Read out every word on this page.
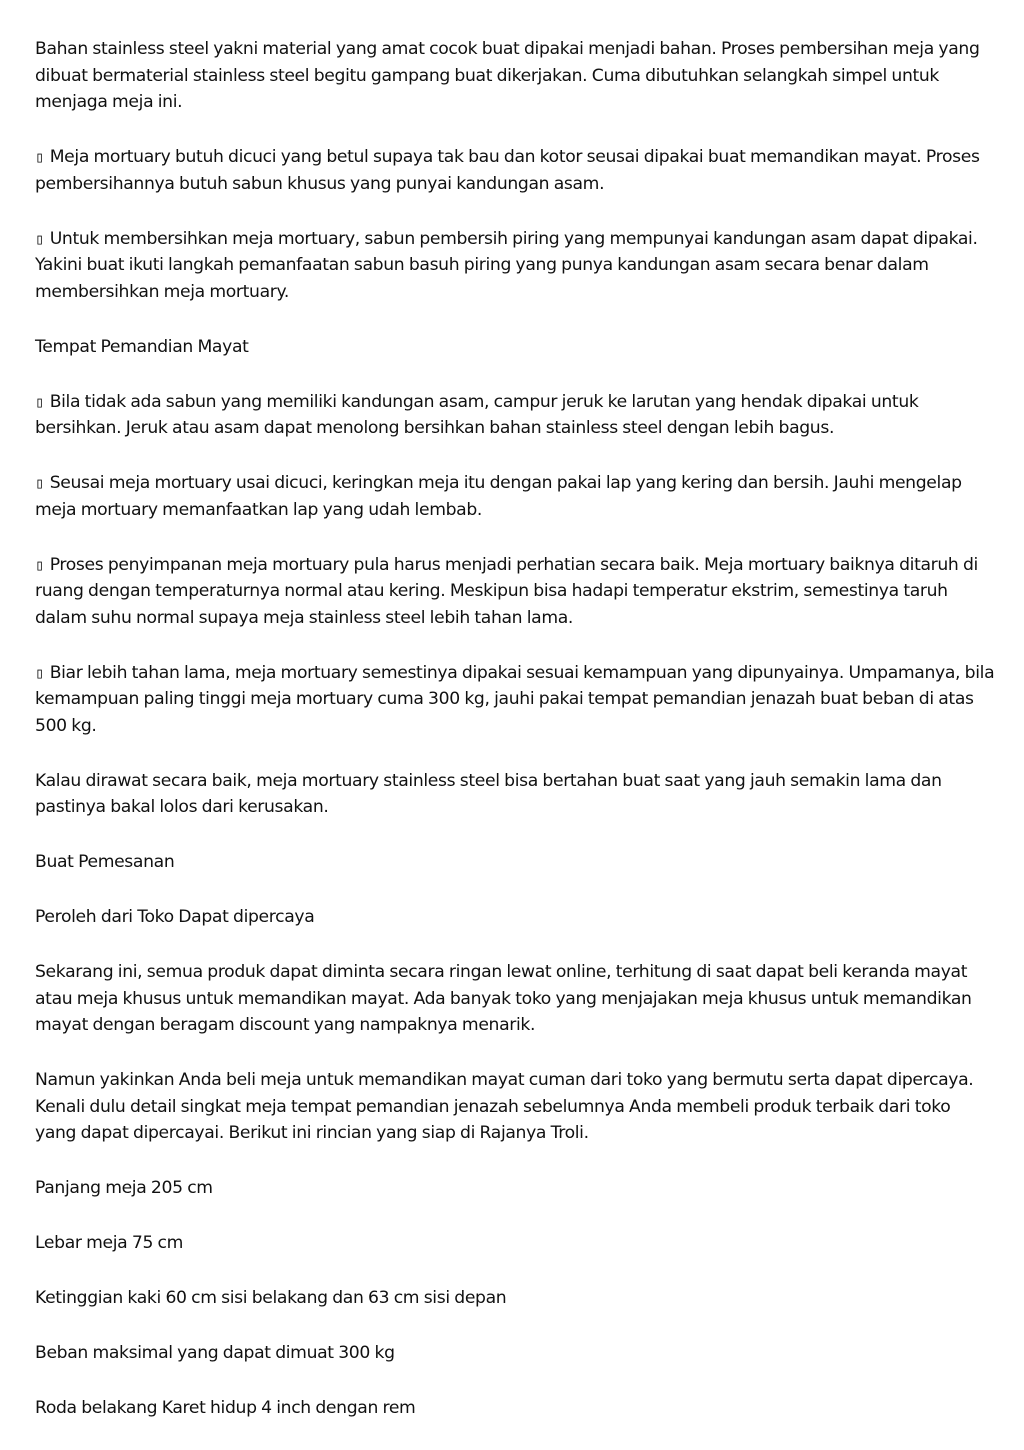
Bahan stainless steel yakni material yang amat cocok buat dipakai menjadi bahan. Proses pembersihan meja yang dibuat bermaterial stainless steel begitu gampang buat dikerjakan. Cuma dibutuhkan selangkah simpel untuk menjaga meja ini.

▯ Meja mortuary butuh dicuci yang betul supaya tak bau dan kotor seusai dipakai buat memandikan mayat. Proses pembersihannya butuh sabun khusus yang punyai kandungan asam.

▯ Untuk membersihkan meja mortuary, sabun pembersih piring yang mempunyai kandungan asam dapat dipakai. Yakini buat ikuti langkah pemanfaatan sabun basuh piring yang punya kandungan asam secara benar dalam membersihkan meja mortuary.

Tempat Pemandian Mayat

▯ Bila tidak ada sabun yang memiliki kandungan asam, campur jeruk ke larutan yang hendak dipakai untuk bersihkan. Jeruk atau asam dapat menolong bersihkan bahan stainless steel dengan lebih bagus.

▯ Seusai meja mortuary usai dicuci, keringkan meja itu dengan pakai lap yang kering dan bersih. Jauhi mengelap meja mortuary memanfaatkan lap yang udah lembab.

▯ Proses penyimpanan meja mortuary pula harus menjadi perhatian secara baik. Meja mortuary baiknya ditaruh di ruang dengan temperaturnya normal atau kering. Meskipun bisa hadapi temperatur ekstrim, semestinya taruh dalam suhu normal supaya meja stainless steel lebih tahan lama.

▯ Biar lebih tahan lama, meja mortuary semestinya dipakai sesuai kemampuan yang dipunyainya. Umpamanya, bila kemampuan paling tinggi meja mortuary cuma 300 kg, jauhi pakai tempat pemandian jenazah buat beban di atas 500 kg.

Kalau dirawat secara baik, meja mortuary stainless steel bisa bertahan buat saat yang jauh semakin lama dan pastinya bakal lolos dari kerusakan.

Buat Pemesanan

Peroleh dari Toko Dapat dipercaya

Sekarang ini, semua produk dapat diminta secara ringan lewat online, terhitung di saat dapat beli keranda mayat atau meja khusus untuk memandikan mayat. Ada banyak toko yang menjajakan meja khusus untuk memandikan mayat dengan beragam discount yang nampaknya menarik.

Namun yakinkan Anda beli meja untuk memandikan mayat cuman dari toko yang bermutu serta dapat dipercaya. Kenali dulu detail singkat meja tempat pemandian jenazah sebelumnya Anda membeli produk terbaik dari toko yang dapat dipercayai. Berikut ini rincian yang siap di Rajanya Troli.

Panjang meja 205 cm

Lebar meja 75 cm

Ketinggian kaki 60 cm sisi belakang dan 63 cm sisi depan

Beban maksimal yang dapat dimuat 300 kg

Roda belakang Karet hidup 4 inch dengan rem
